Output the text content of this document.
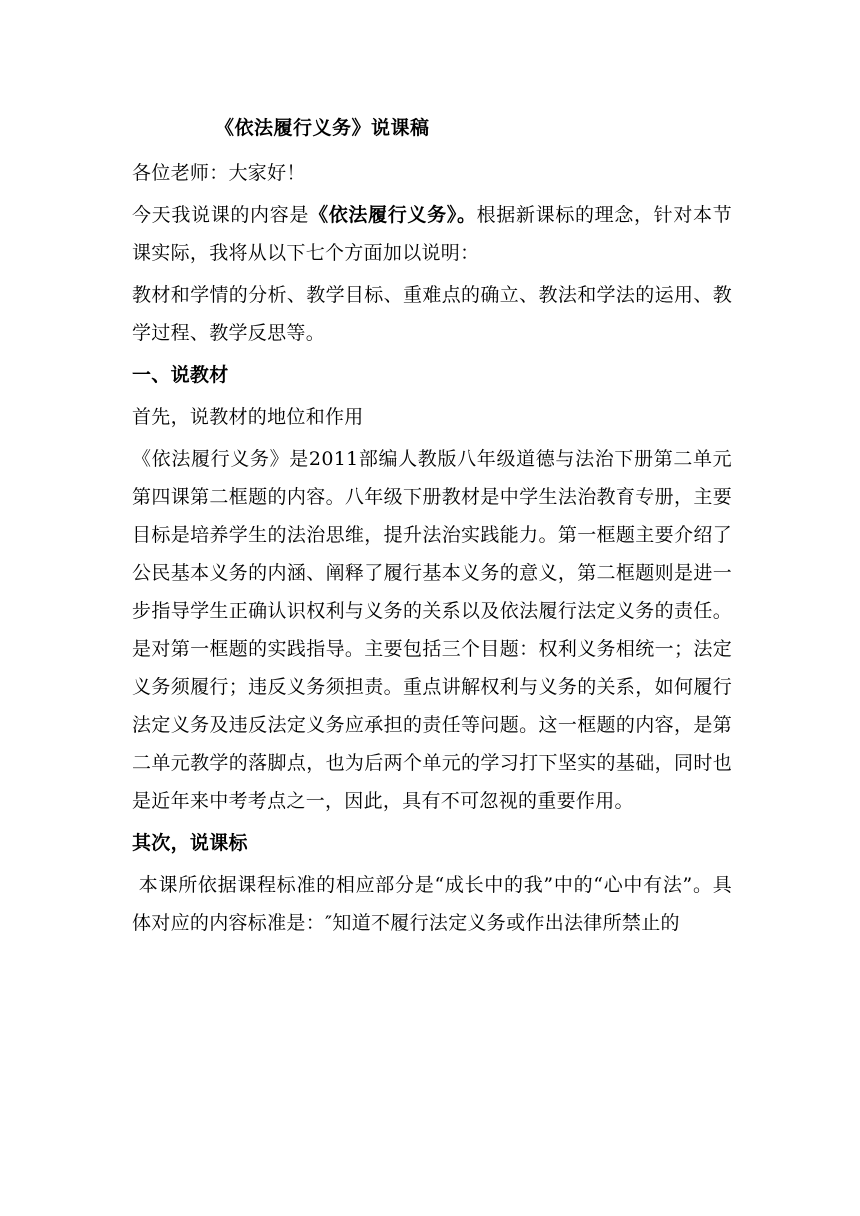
《依法履行义务》说课稿

各位老师：大家好！

今天我说课的内容是《依法履行义务》。根据新课标的理念，针对本节课实际，我将从以下七个方面加以说明：

教材和学情的分析、教学目标、重难点的确立、教法和学法的运用、教学过程、教学反思等。

一、说教材

首先，说教材的地位和作用

《依法履行义务》是2011部编人教版八年级道德与法治下册第二单元第四课第二框题的内容。八年级下册教材是中学生法治教育专册，主要目标是培养学生的法治思维，提升法治实践能力。第一框题主要介绍了公民基本义务的内涵、阐释了履行基本义务的意义，第二框题则是进一步指导学生正确认识权利与义务的关系以及依法履行法定义务的责任。是对第一框题的实践指导。主要包括三个目题：权利义务相统一；法定义务须履行；违反义务须担责。重点讲解权利与义务的关系，如何履行法定义务及违反法定义务应承担的责任等问题。这一框题的内容，是第二单元教学的落脚点，也为后两个单元的学习打下坚实的基础，同时也是近年来中考考点之一，因此，具有不可忽视的重要作用。

其次，说课标

本课所依据课程标准的相应部分是“成长中的我”中的“心中有法”。具体对应的内容标准是：″知道不履行法定义务或作出法律所禁止的
